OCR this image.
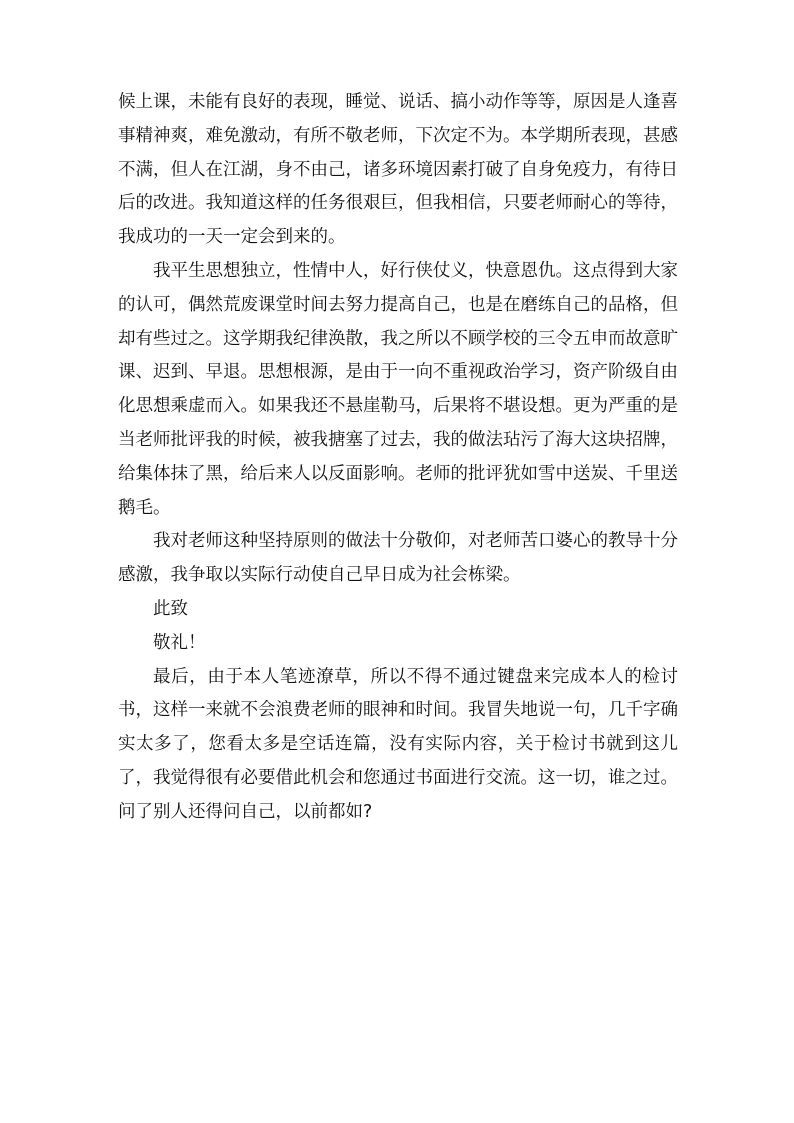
候上课，未能有良好的表现，睡觉、说话、搞小动作等等，原因是人逢喜事精神爽，难免激动，有所不敬老师，下次定不为。本学期所表现，甚感不满，但人在江湖，身不由己，诸多环境因素打破了自身免疫力，有待日后的改进。我知道这样的任务很艰巨，但我相信，只要老师耐心的等待，我成功的一天一定会到来的。

我平生思想独立，性情中人，好行侠仗义，快意恩仇。这点得到大家的认可，偶然荒废课堂时间去努力提高自己，也是在磨练自己的品格，但却有些过之。这学期我纪律涣散，我之所以不顾学校的三令五申而故意旷课、迟到、早退。思想根源，是由于一向不重视政治学习，资产阶级自由化思想乘虚而入。如果我还不悬崖勒马，后果将不堪设想。更为严重的是当老师批评我的时候，被我搪塞了过去，我的做法玷污了海大这块招牌，给集体抹了黑，给后来人以反面影响。老师的批评犹如雪中送炭、千里送鹅毛。

我对老师这种坚持原则的做法十分敬仰，对老师苦口婆心的教导十分感激，我争取以实际行动使自己早日成为社会栋梁。

此致

敬礼！

最后，由于本人笔迹潦草，所以不得不通过键盘来完成本人的检讨书，这样一来就不会浪费老师的眼神和时间。我冒失地说一句，几千字确实太多了，您看太多是空话连篇，没有实际内容，关于检讨书就到这儿了，我觉得很有必要借此机会和您通过书面进行交流。这一切，谁之过。问了别人还得问自己，以前都如?
